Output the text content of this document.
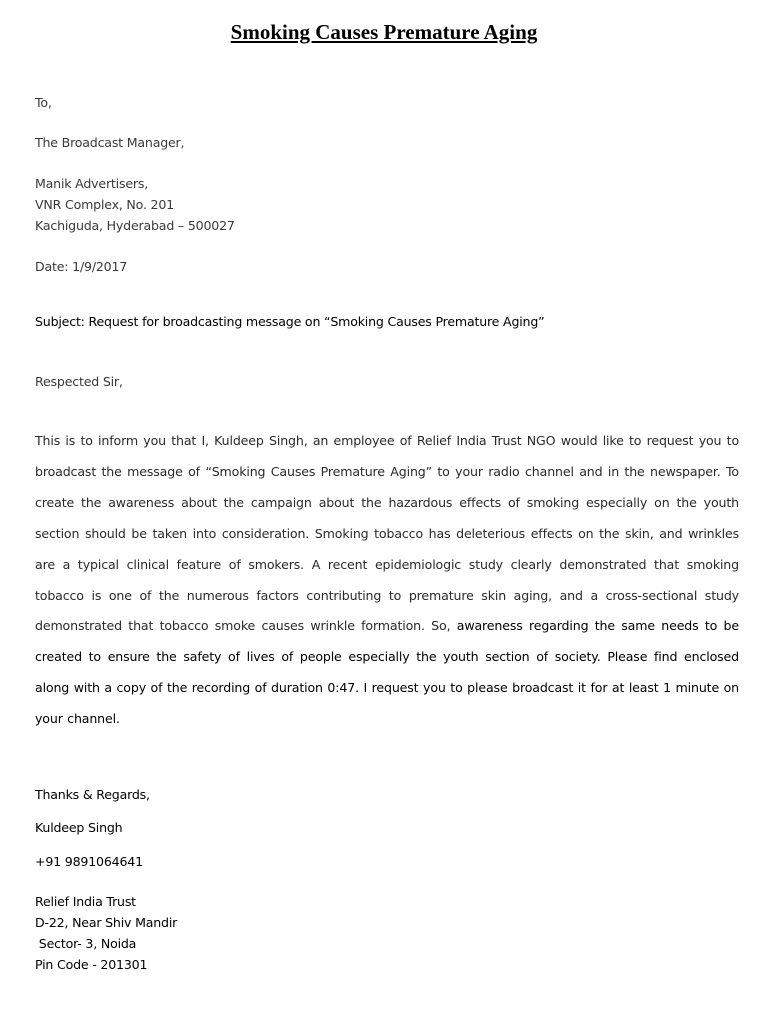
Smoking Causes Premature Aging
To,
The Broadcast Manager,
Manik Advertisers,
VNR Complex, No. 201
Kachiguda, Hyderabad – 500027
Date: 1/9/2017
Subject: Request for broadcasting message on “Smoking Causes Premature Aging”
Respected Sir,
This is to inform you that I, Kuldeep Singh, an employee of Relief India Trust NGO would like to request you to broadcast the message of “Smoking Causes Premature Aging” to your radio channel and in the newspaper. To create the awareness about the campaign about the hazardous effects of smoking especially on the youth section should be taken into consideration. Smoking tobacco has deleterious effects on the skin, and wrinkles are a typical clinical feature of smokers. A recent epidemiologic study clearly demonstrated that smoking tobacco is one of the numerous factors contributing to premature skin aging, and a cross-sectional study demonstrated that tobacco smoke causes wrinkle formation. So, awareness regarding the same needs to be created to ensure the safety of lives of people especially the youth section of society. Please find enclosed along with a copy of the recording of duration 0:47. I request you to please broadcast it for at least 1 minute on your channel.
Thanks & Regards,
Kuldeep Singh
+91 9891064641
Relief India Trust
D-22, Near Shiv Mandir
Sector- 3, Noida
Pin Code - 201301
